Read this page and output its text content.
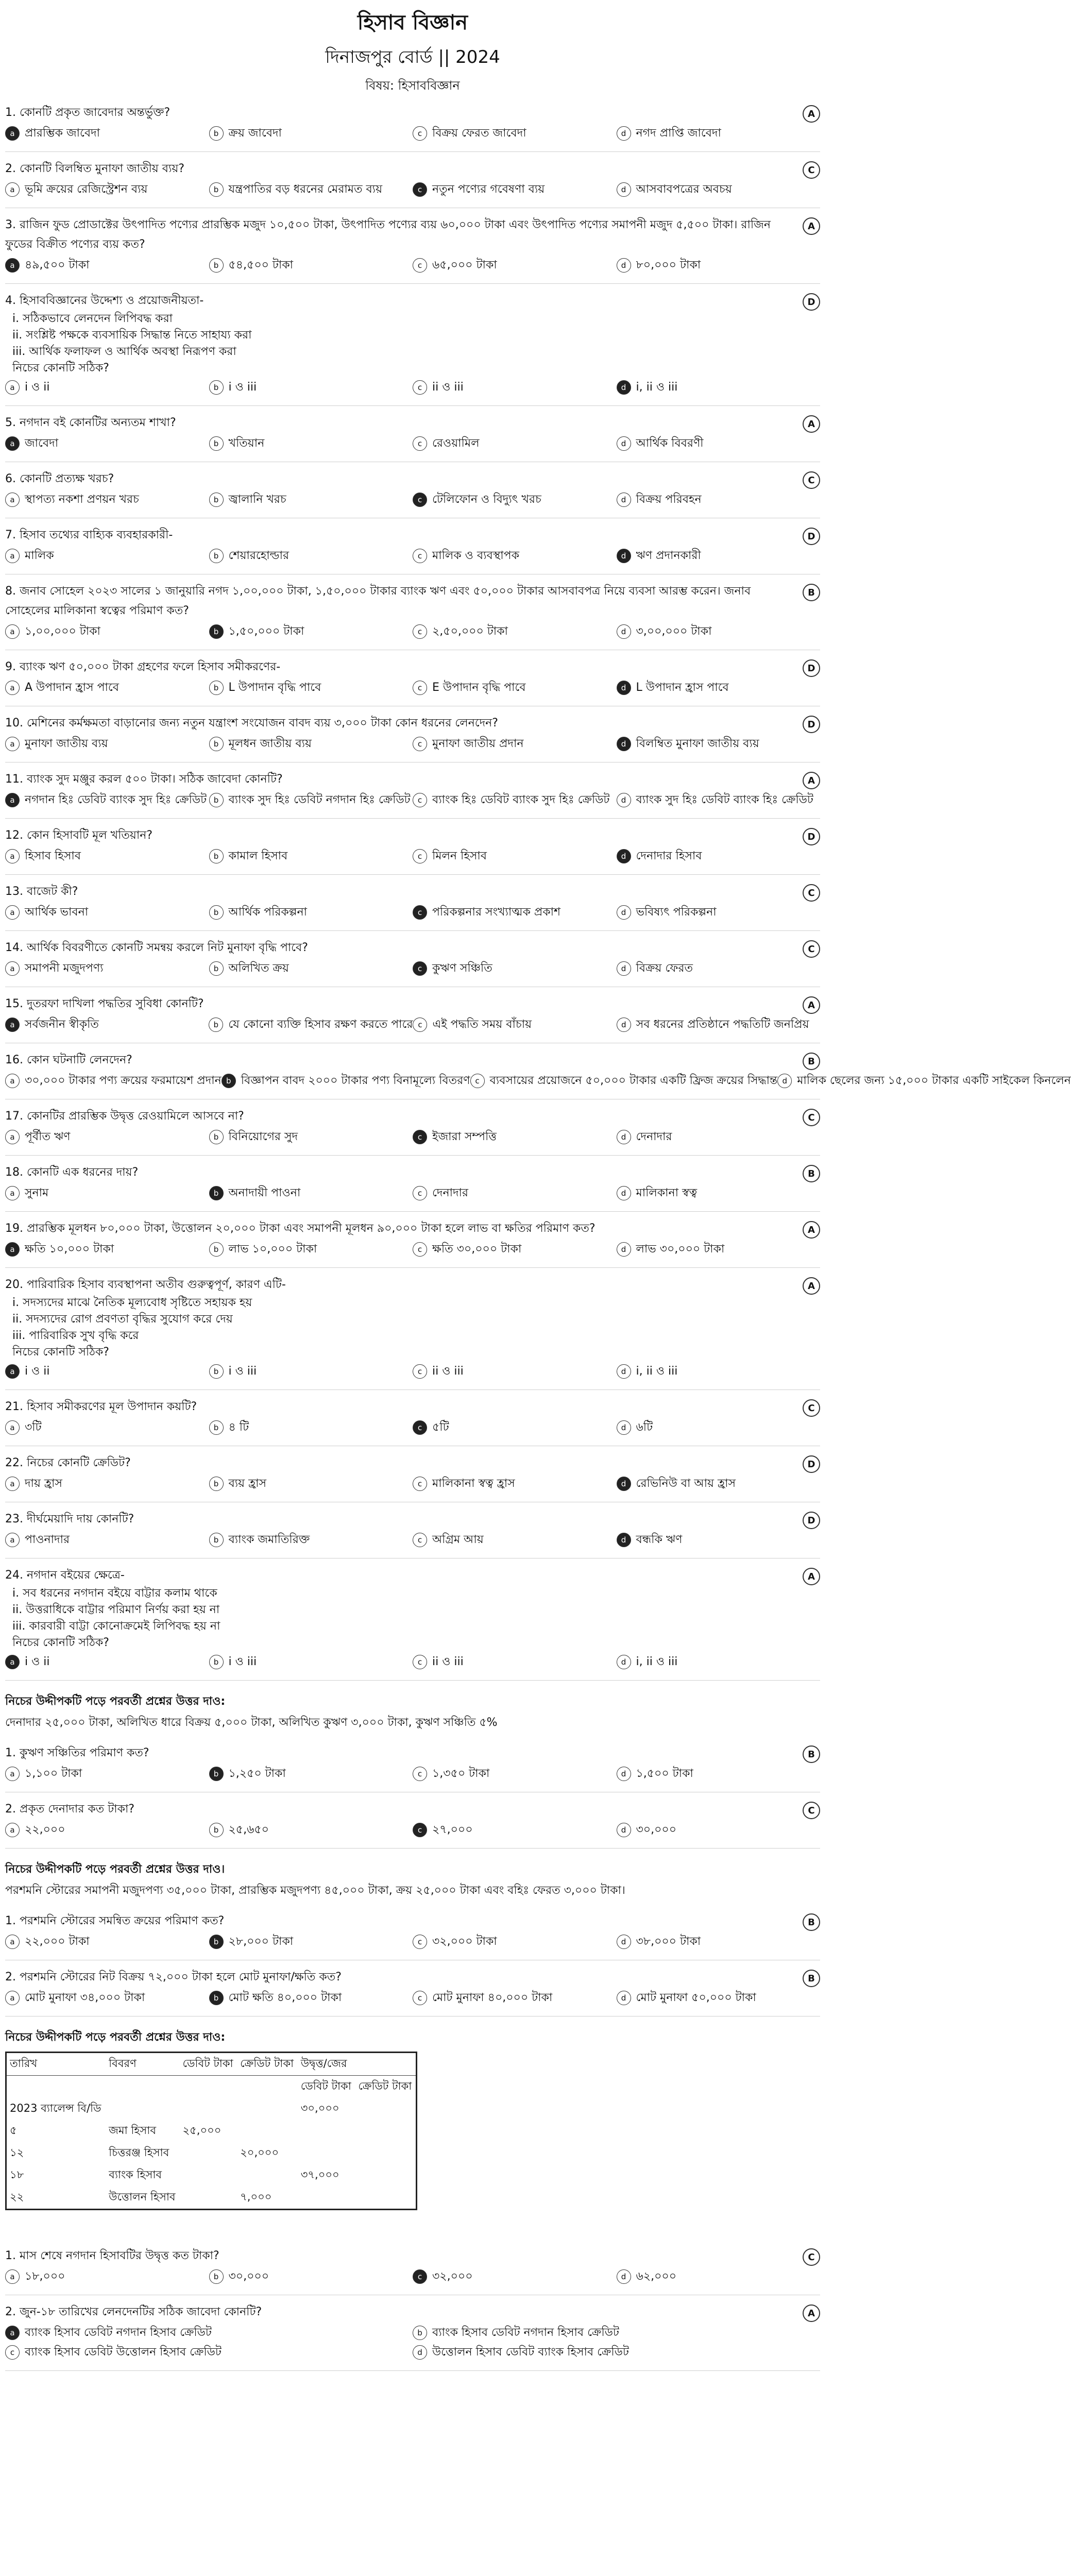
হিসাব বিজ্ঞান
দিনাজপুর বোর্ড || 2024
বিষয়: হিসাববিজ্ঞান
1. কোনটি প্রকৃত জাবেদার অন্তর্ভুক্ত?	A
a প্রারম্ভিক জাবেদা	b ক্রয় জাবেদা	c বিক্রয় ফেরত জাবেদা	d নগদ প্রাপ্তি জাবেদা
2. কোনটি বিলম্বিত মুনাফা জাতীয় ব্যয়?	C
a ভূমি ক্রয়ের রেজিস্ট্রেশন ব্যয়	b যন্ত্রপাতির বড় ধরনের মেরামত ব্যয়	c নতুন পণ্যের গবেষণা ব্যয়	d আসবাবপত্রের অবচয়
3. রাজিন ফুড প্রোডাক্টের উৎপাদিত পণ্যের প্রারম্ভিক মজুদ ১০,৫০০ টাকা, উৎপাদিত পণ্যের ব্যয় ৬০,০০০ টাকা এবং উৎপাদিত পণ্যের সমাপনী মজুদ ৫,৫০০ টাকা। রাজিন ফুডের বিক্রীত পণ্যের ব্যয় কত?
A
a ৪৯,৫০০ টাকা	b ৫৪,৫০০ টাকা	c ৬৫,০০০ টাকা	d ৮০,০০০ টাকা
4. হিসাববিজ্ঞানের উদ্দেশ্য ও প্রয়োজনীয়তা-	D
i. সঠিকভাবে লেনদেন লিপিবদ্ধ করা
ii. সংশ্লিষ্ট পক্ষকে ব্যবসায়িক সিদ্ধান্ত নিতে সাহায্য করা
iii. আর্থিক ফলাফল ও আর্থিক অবস্থা নিরূপণ করা
নিচের কোনটি সঠিক?
a i ও ii	b i ও iii	c ii ও iii	d i, ii ও iii
5. নগদান বই কোনটির অন্যতম শাখা?	A
a জাবেদা	b খতিয়ান	c রেওয়ামিল	d আর্থিক বিবরণী
6. কোনটি প্রত্যক্ষ খরচ?	C
a স্থাপত্য নকশা প্রণয়ন খরচ	b জ্বালানি খরচ	c টেলিফোন ও বিদ্যুৎ খরচ	d বিক্রয় পরিবহন
7. হিসাব তথ্যের বাহ্যিক ব্যবহারকারী-	D
a মালিক	b শেয়ারহোল্ডার	c মালিক ও ব্যবস্থাপক	d ঋণ প্রদানকারী
8. জনাব সোহেল ২০২৩ সালের ১ জানুয়ারি নগদ ১,০০,০০০ টাকা, ১,৫০,০০০ টাকার ব্যাংক ঋণ এবং ৫০,০০০ টাকার আসবাবপত্র নিয়ে ব্যবসা আরম্ভ করেন। জনাব সোহেলের মালিকানা স্বত্বের পরিমাণ কত?
B
a ১,০০,০০০ টাকা	b ১,৫০,০০০ টাকা	c ২,৫০,০০০ টাকা	d ৩,০০,০০০ টাকা
9. ব্যাংক ঋণ ৫০,০০০ টাকা গ্রহণের ফলে হিসাব সমীকরণের-	D
a A উপাদান হ্রাস পাবে	b L উপাদান বৃদ্ধি পাবে	c E উপাদান বৃদ্ধি পাবে	d L উপাদান হ্রাস পাবে
10. মেশিনের কর্মক্ষমতা বাড়ানোর জন্য নতুন যন্ত্রাংশ সংযোজন বাবদ ব্যয় ৩,০০০ টাকা কোন ধরনের লেনদেন?	D
a মুনাফা জাতীয় ব্যয়	b মূলধন জাতীয় ব্যয়	c মুনাফা জাতীয় প্রদান	d বিলম্বিত মুনাফা জাতীয় ব্যয়
11. ব্যাংক সুদ মঞ্জুর করল ৫০০ টাকা। সঠিক জাবেদা কোনটি?	A
a নগদান হিঃ ডেবিট ব্যাংক সুদ হিঃ ক্রেডিট b ব্যাংক সুদ হিঃ ডেবিট নগদান হিঃ ক্রেডিট c ব্যাংক হিঃ ডেবিট ব্যাংক সুদ হিঃ ক্রেডিট	d ব্যাংক সুদ হিঃ ডেবিট ব্যাংক হিঃ ক্রেডিট
12. কোন হিসাবটি মূল খতিয়ান?	D
a হিসাব হিসাব	b কামাল হিসাব	c মিলন হিসাব	d দেনাদার হিসাব
13. বাজেট কী?	C
a আর্থিক ভাবনা	b আর্থিক পরিকল্পনা	c পরিকল্পনার সংখ্যাত্মক প্রকাশ	d ভবিষ্যৎ পরিকল্পনা
14. আর্থিক বিবরণীতে কোনটি সমন্বয় করলে নিট মুনাফা বৃদ্ধি পাবে?	C
a সমাপনী মজুদপণ্য	b অলিখিত ক্রয়	c কুঋণ সঞ্চিতি	d বিক্রয় ফেরত
15. দুতরফা দাখিলা পদ্ধতির সুবিধা কোনটি?	A
a সর্বজনীন স্বীকৃতি	b যে কোনো ব্যক্তি হিসাব রক্ষণ করতে পারে c এই পদ্ধতি সময় বাঁচায়	d সব ধরনের প্রতিষ্ঠানে পদ্ধতিটি জনপ্রিয়
16. কোন ঘটনাটি লেনদেন?	B
a ৩০,০০০ টাকার পণ্য ক্রয়ের ফরমায়েশ প্রদান b বিজ্ঞাপন বাবদ ২০০০ টাকার পণ্য বিনামূল্যে বিতরণ c ব্যবসায়ের প্রয়োজনে ৫০,০০০ টাকার একটি ফ্রিজ ক্রয়ের সিদ্ধান্ত d মালিক ছেলের জন্য ১৫,০০০ টাকার একটি সাইকেল কিনলেন
17. কোনটির প্রারম্ভিক উদ্বৃত্ত রেওয়ামিলে আসবে না?	C
a পূর্বীত ঋণ	b বিনিয়োগের সুদ	c ইজারা সম্পত্তি	d দেনাদার
18. কোনটি এক ধরনের দায়?	B
a সুনাম	b অনাদায়ী পাওনা	c দেনাদার	d মালিকানা স্বত্ব
19. প্রারম্ভিক মূলধন ৮০,০০০ টাকা, উত্তোলন ২০,০০০ টাকা এবং সমাপনী মূলধন ৯০,০০০ টাকা হলে লাভ বা ক্ষতির পরিমাণ কত?	A
a ক্ষতি ১০,০০০ টাকা	b লাভ ১০,০০০ টাকা	c ক্ষতি ৩০,০০০ টাকা	d লাভ ৩০,০০০ টাকা
20. পারিবারিক হিসাব ব্যবস্থাপনা অতীব গুরুত্বপূর্ণ, কারণ এটি-	A
i. সদস্যদের মাঝে নৈতিক মূল্যবোধ সৃষ্টিতে সহায়ক হয়
ii. সদস্যদের রোগ প্রবণতা বৃদ্ধির সুযোগ করে দেয়
iii. পারিবারিক সুখ বৃদ্ধি করে
নিচের কোনটি সঠিক?
a i ও ii	b i ও iii	c ii ও iii	d i, ii ও iii
21. হিসাব সমীকরণের মূল উপাদান কয়টি?	C
a ৩টি	b ৪ টি	c ৫টি	d ৬টি
22. নিচের কোনটি ক্রেডিট?	D
a দায় হ্রাস	b ব্যয় হ্রাস	c মালিকানা স্বত্ব হ্রাস	d রেভিনিউ বা আয় হ্রাস
23. দীর্ঘমেয়াদি দায় কোনটি?	D
a পাওনাদার	b ব্যাংক জমাতিরিক্ত	c অগ্রিম আয়	d বন্ধকি ঋণ
24. নগদান বইয়ের ক্ষেত্রে-	A
i. সব ধরনের নগদান বইয়ে বাট্টার কলাম থাকে
ii. উত্তরাধিকে বাট্টার পরিমাণ নির্ণয় করা হয় না
iii. কারবারী বাট্টা কোনোক্রমেই লিপিবদ্ধ হয় না
নিচের কোনটি সঠিক?
a i ও ii	b i ও iii	c ii ও iii	d i, ii ও iii
নিচের উদ্দীপকটি পড়ে পরবর্তী প্রশ্নের উত্তর দাও:
দেনাদার ২৫,০০০ টাকা, অলিখিত ধারে বিক্রয় ৫,০০০ টাকা, অলিখিত কুঋণ ৩,০০০ টাকা, কুঋণ সঞ্চিতি ৫%
1. কুঋণ সঞ্চিতির পরিমাণ কত?	B
a ১,১০০ টাকা	b ১,২৫০ টাকা	c ১,৩৫০ টাকা	d ১,৫০০ টাকা
2. প্রকৃত দেনাদার কত টাকা?	C
a ২২,০০০	b ২৫,৬৫০	c ২৭,০০০	d ৩০,০০০
নিচের উদ্দীপকটি পড়ে পরবর্তী প্রশ্নের উত্তর দাও।
পরশমনি স্টোরের সমাপনী মজুদপণ্য ৩৫,০০০ টাকা, প্রারম্ভিক মজুদপণ্য ৪৫,০০০ টাকা, ক্রয় ২৫,০০০ টাকা এবং বহিঃ ফেরত ৩,০০০ টাকা।
1. পরশমনি স্টোরের সমন্বিত ক্রয়ের পরিমাণ কত?	B
a ২২,০০০ টাকা	b ২৮,০০০ টাকা	c ৩২,০০০ টাকা	d ৩৮,০০০ টাকা
2. পরশমনি স্টোরের নিট বিক্রয় ৭২,০০০ টাকা হলে মোট মুনাফা/ক্ষতি কত?	B
a মোট মুনাফা ৩৪,০০০ টাকা	b মোট ক্ষতি ৪০,০০০ টাকা	c মোট মুনাফা ৪০,০০০ টাকা	d মোট মুনাফা ৫০,০০০ টাকা
নিচের উদ্দীপকটি পড়ে পরবর্তী প্রশ্নের উত্তর দাও:
তারিখ	বিবরণ	ডেবিট টাকা	ক্রেডিট টাকা	উদ্বৃত্ত/জের	
				ডেবিট টাকা	ক্রেডিট টাকা
2023 ব্যালেন্স বি/ডি				৩০,০০০	
৫	জমা হিসাব	২৫,০০০			
১২	চিত্তরঞ্জ হিসাব		২০,০০০		
১৮	ব্যাংক হিসাব			৩৭,০০০	
২২	উত্তোলন হিসাব		৭,০০০		
1. মাস শেষে নগদান হিসাবটির উদ্বৃত্ত কত টাকা?	C
a ১৮,০০০	b ৩০,০০০	c ৩২,০০০	d ৬২,০০০
2. জুন-১৮ তারিখের লেনদেনটির সঠিক জাবেদা কোনটি?	A
a ব্যাংক হিসাব ডেবিট নগদান হিসাব ক্রেডিট	b ব্যাংক হিসাব ডেবিট নগদান হিসাব ক্রেডিট
c ব্যাংক হিসাব ডেবিট উত্তোলন হিসাব ক্রেডিট	d উত্তোলন হিসাব ডেবিট ব্যাংক হিসাব ক্রেডিট
